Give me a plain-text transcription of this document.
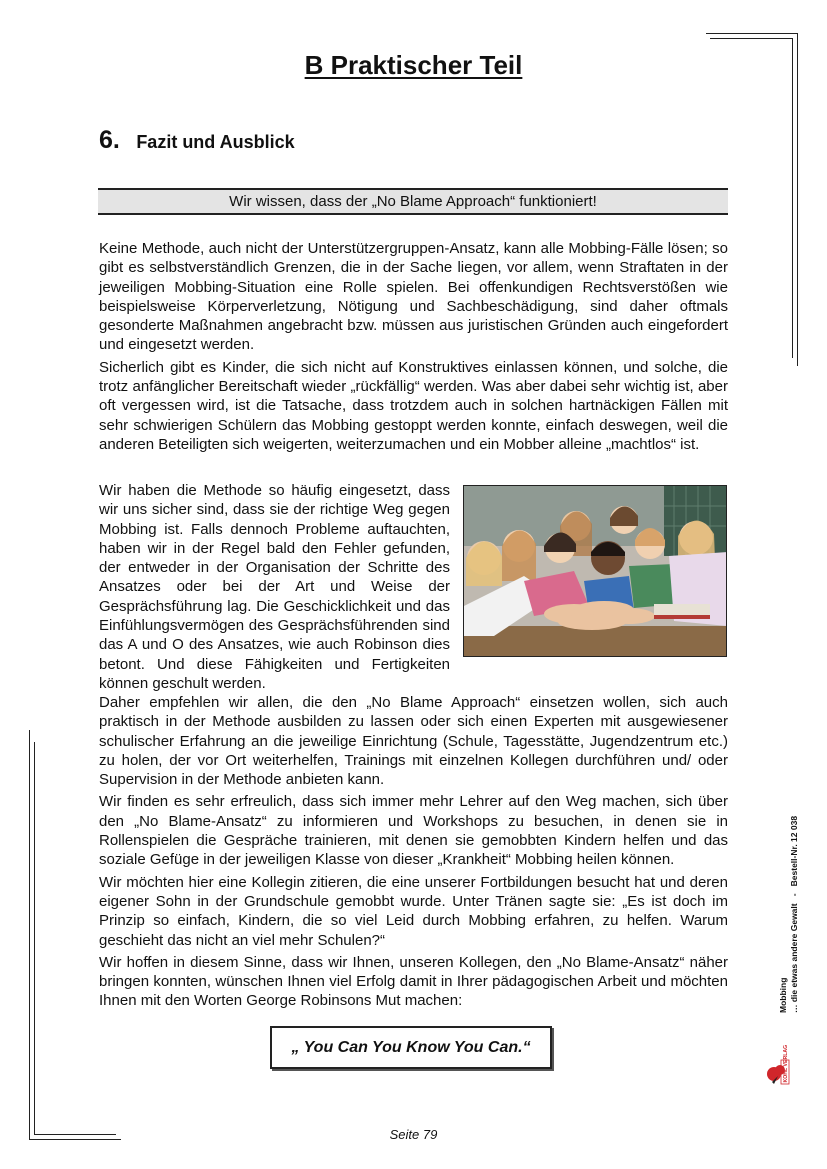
B Praktischer Teil
6. Fazit und Ausblick
Wir wissen, dass der „No Blame Approach“ funktioniert!

Keine Methode, auch nicht der Unterstützergruppen-Ansatz, kann alle Mobbing-Fälle lösen; so gibt es selbstverständlich Grenzen, die in der Sache liegen, vor allem, wenn Straftaten in der jeweiligen Mobbing-Situation eine Rolle spielen. Bei offenkundigen Rechtsverstößen wie beispielsweise Körperverletzung, Nötigung und Sachbeschädigung, sind daher oftmals gesonderte Maßnahmen angebracht bzw. müssen aus juristischen Gründen auch eingefordert und eingesetzt werden.

Sicherlich gibt es Kinder, die sich nicht auf Konstruktives einlassen können, und solche, die trotz anfänglicher Bereitschaft wieder „rückfällig“ werden. Was aber dabei sehr wichtig ist, aber oft vergessen wird, ist die Tatsache, dass trotzdem auch in solchen hartnäckigen Fällen mit sehr schwierigen Schülern das Mobbing gestoppt werden konnte, einfach deswegen, weil die anderen Beteiligten sich weigerten, weiterzumachen und ein Mobber alleine „machtlos“ ist.

Wir haben die Methode so häufig eingesetzt, dass wir uns sicher sind, dass sie der richtige Weg gegen Mobbing ist. Falls dennoch Probleme auftauchten, haben wir in der Regel bald den Fehler gefunden, der entweder in der Organisation der Schritte des Ansatzes oder bei der Art und Weise der Gesprächsführung lag. Die Geschicklichkeit und das Einfühlungsvermögen des Gesprächsführenden sind das A und O des Ansatzes, wie auch Robinson dies betont. Und diese Fähigkeiten und Fertigkeiten können geschult werden.

Daher empfehlen wir allen, die den „No Blame Approach“ einsetzen wollen, sich auch praktisch in der Methode ausbilden zu lassen oder sich einen Experten mit ausgewiesener schulischer Erfahrung an die jeweilige Einrichtung (Schule, Tagesstätte, Jugendzentrum etc.) zu holen, der vor Ort weiterhelfen, Trainings mit einzelnen Kollegen durchführen und/ oder Supervision in der Methode anbieten kann.

Wir finden es sehr erfreulich, dass sich immer mehr Lehrer auf den Weg machen, sich über den „No Blame-Ansatz“ zu informieren und Workshops zu besuchen, in denen sie in Rollenspielen die Gespräche trainieren, mit denen sie gemobbten Kindern helfen und das soziale Gefüge in der jeweiligen Klasse von dieser „Krankheit“ Mobbing heilen können.

Wir möchten hier eine Kollegin zitieren, die eine unserer Fortbildungen besucht hat und deren eigener Sohn in der Grundschule gemobbt wurde. Unter Tränen sagte sie: „Es ist doch im Prinzip so einfach, Kindern, die so viel Leid durch Mobbing erfahren, zu helfen. Warum geschieht das nicht an viel mehr Schulen?“

Wir hoffen in diesem Sinne, dass wir Ihnen, unseren Kollegen, den „No Blame-Ansatz“ näher bringen konnten, wünschen Ihnen viel Erfolg damit in Ihrer pädagogischen Arbeit und möchten Ihnen mit den Worten George Robinsons Mut machen:

„ You Can You Know You Can.“
Seite 79
Mobbing … die etwas andere Gewalt   -   Bestell-Nr. 12 038
KOHL VERLAG
